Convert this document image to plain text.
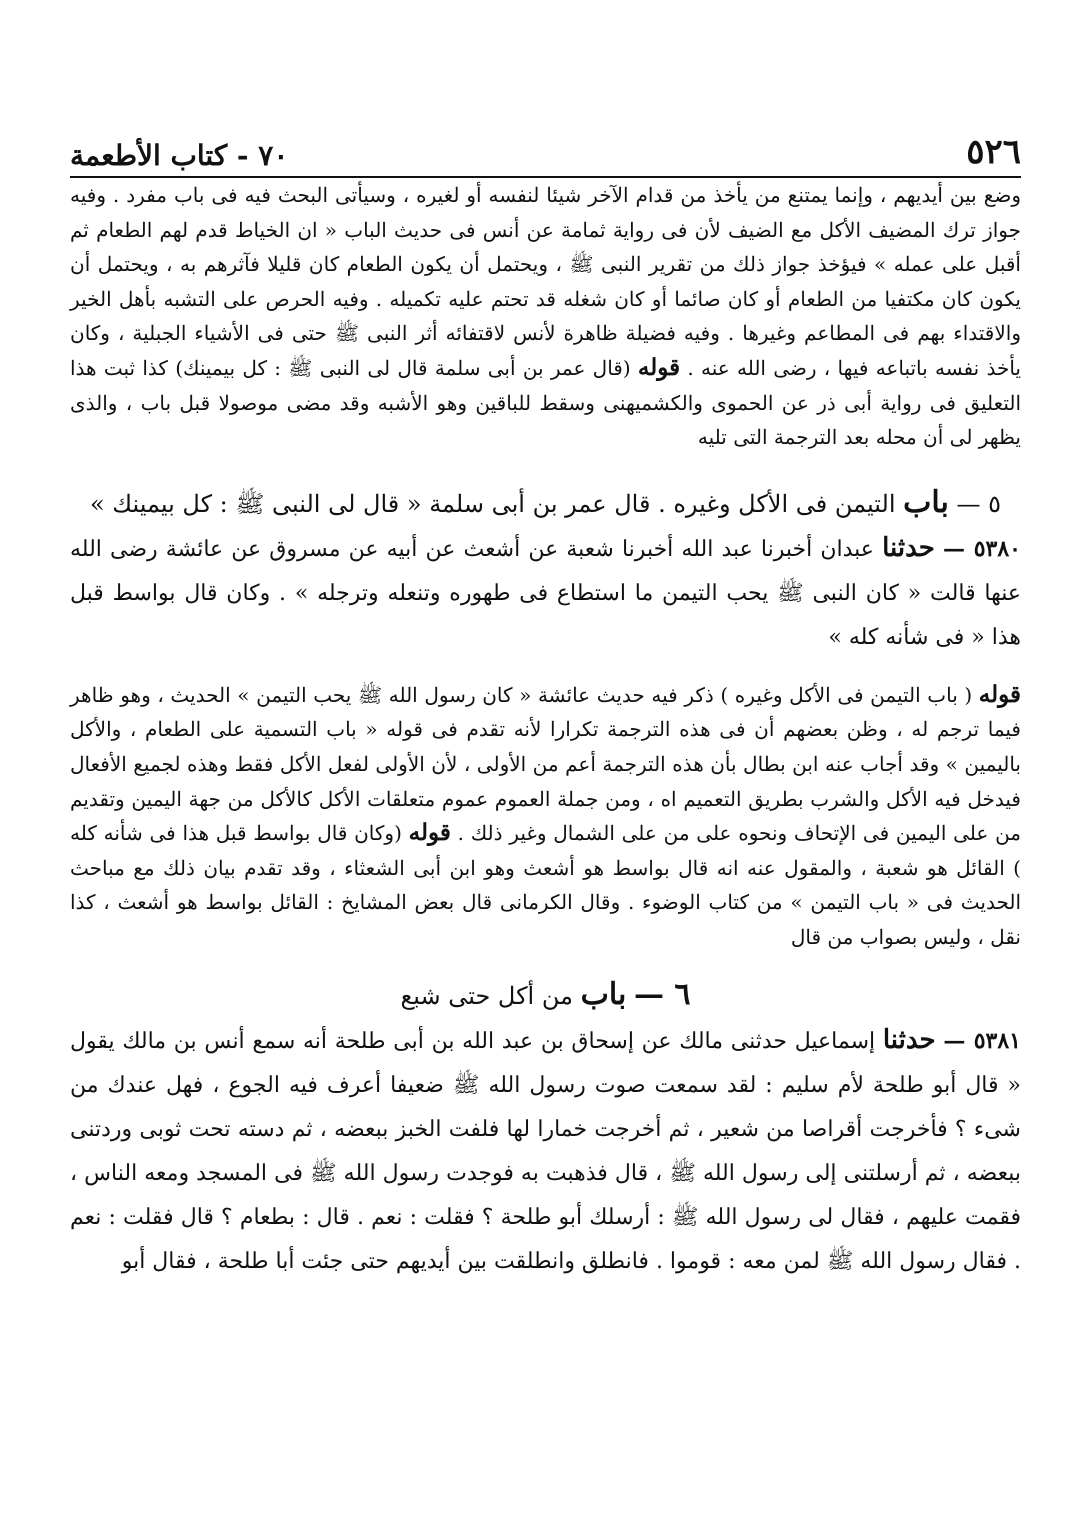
٥٢٦
٧٠ - كتاب الأطعمة

وضع بين أيديهم ، وإنما يمتنع من يأخذ من قدام الآخر شيئا لنفسه أو لغيره ، وسيأتى البحث فيه فى باب مفرد . وفيه جواز ترك المضيف الأكل مع الضيف لأن فى رواية ثمامة عن أنس فى حديث الباب « ان الخياط قدم لهم الطعام ثم أقبل على عمله » فيؤخذ جواز ذلك من تقرير النبى ﷺ ، ويحتمل أن يكون الطعام كان قليلا فآثرهم به ، ويحتمل أن يكون كان مكتفيا من الطعام أو كان صائما أو كان شغله قد تحتم عليه تكميله . وفيه الحرص على التشبه بأهل الخير والاقتداء بهم فى المطاعم وغيرها . وفيه فضيلة ظاهرة لأنس لاقتفائه أثر النبى ﷺ حتى فى الأشياء الجبلية ، وكان يأخذ نفسه باتباعه فيها ، رضى الله عنه . قوله (قال عمر بن أبى سلمة قال لى النبى ﷺ : كل بيمينك) كذا ثبت هذا التعليق فى رواية أبى ذر عن الحموى والكشميهنى وسقط للباقين وهو الأشبه وقد مضى موصولا قبل باب ، والذى يظهر لى أن محله بعد الترجمة التى تليه

٥ — باب التيمن فى الأكل وغيره . قال عمر بن أبى سلمة « قال لى النبى ﷺ : كل بيمينك »

٥٣٨٠ — حدثنا عبدان أخبرنا عبد الله أخبرنا شعبة عن أشعث عن أبيه عن مسروق عن عائشة رضى الله عنها قالت « كان النبى ﷺ يحب التيمن ما استطاع فى طهوره وتنعله وترجله » . وكان قال بواسط قبل هذا « فى شأنه كله »

قوله ( باب التيمن فى الأكل وغيره ) ذكر فيه حديث عائشة « كان رسول الله ﷺ يحب التيمن » الحديث ، وهو ظاهر فيما ترجم له ، وظن بعضهم أن فى هذه الترجمة تكرارا لأنه تقدم فى قوله « باب التسمية على الطعام ، والأكل باليمين » وقد أجاب عنه ابن بطال بأن هذه الترجمة أعم من الأولى ، لأن الأولى لفعل الأكل فقط وهذه لجميع الأفعال فيدخل فيه الأكل والشرب بطريق التعميم اه ، ومن جملة العموم عموم متعلقات الأكل كالأكل من جهة اليمين وتقديم من على اليمين فى الإتحاف ونحوه على من على الشمال وغير ذلك . قوله (وكان قال بواسط قبل هذا فى شأنه كله ) القائل هو شعبة ، والمقول عنه انه قال بواسط هو أشعث وهو ابن أبى الشعثاء ، وقد تقدم بيان ذلك مع مباحث الحديث فى « باب التيمن » من كتاب الوضوء . وقال الكرمانى قال بعض المشايخ : القائل بواسط هو أشعث ، كذا نقل ، وليس بصواب من قال

٦ — باب من أكل حتى شبع

٥٣٨١ — حدثنا إسماعيل حدثنى مالك عن إسحاق بن عبد الله بن أبى طلحة أنه سمع أنس بن مالك يقول « قال أبو طلحة لأم سليم : لقد سمعت صوت رسول الله ﷺ ضعيفا أعرف فيه الجوع ، فهل عندك من شىء ؟ فأخرجت أقراصا من شعير ، ثم أخرجت خمارا لها فلفت الخبز ببعضه ، ثم دسته تحت ثوبى وردتنى ببعضه ، ثم أرسلتنى إلى رسول الله ﷺ ، قال فذهبت به فوجدت رسول الله ﷺ فى المسجد ومعه الناس ، فقمت عليهم ، فقال لى رسول الله ﷺ : أرسلك أبو طلحة ؟ فقلت : نعم . قال : بطعام ؟ قال فقلت : نعم . فقال رسول الله ﷺ لمن معه : قوموا . فانطلق وانطلقت بين أيديهم حتى جئت أبا طلحة ، فقال أبو
